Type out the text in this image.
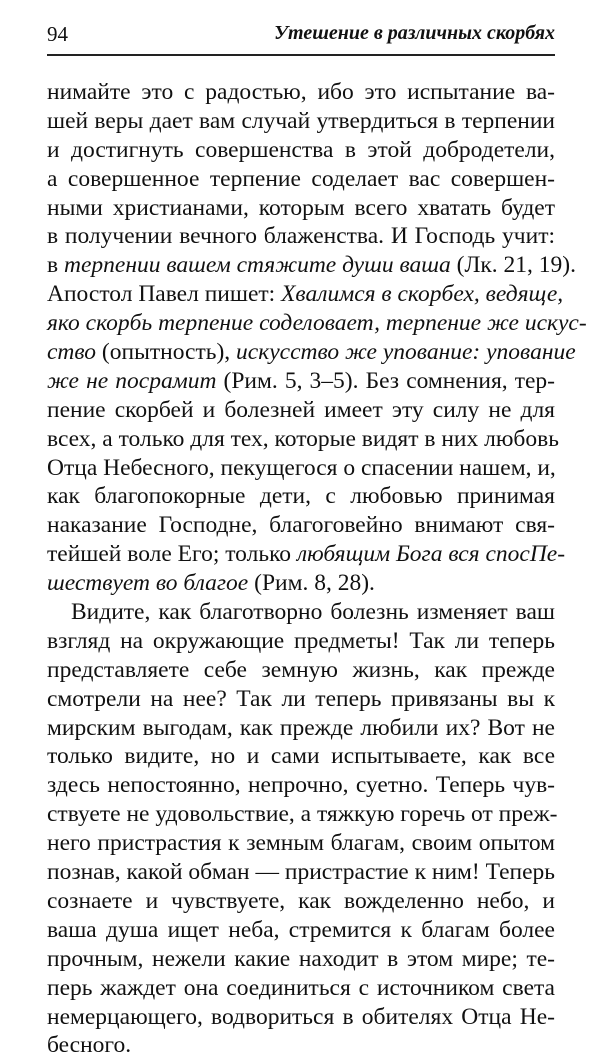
94	Утешение в различных скорбях
нимайте это с радостью, ибо это испытание ва-
шей веры дает вам случай утвердиться в терпении
и достигнуть совершенства в этой добродетели,
а совершенное терпение соделает вас совершен-
ными христианами, которым всего хватать будет
в получении вечного блаженства. И Господь учит:
в терпении вашем стяжите души ваша (Лк. 21, 19).
Апостол Павел пишет: Хвалимся в скорбех, ведяще,
яко скорбь терпение соделовает, терпение же искус-
ство (опытность), искусство же упование: упование
же не посрамит (Рим. 5, 3–5). Без сомнения, тер-
пение скорбей и болезней имеет эту силу не для
всех, а только для тех, которые видят в них любовь
Отца Небесного, пекущегося о спасении нашем, и,
как благопокорные дети, с любовью принимая
наказание Господне, благоговейно внимают свя-
тейшей воле Его; только любящим Бога вся спосПе-
шествует во благое (Рим. 8, 28).
Видите, как благотворно болезнь изменяет ваш
взгляд на окружающие предметы! Так ли теперь
представляете себе земную жизнь, как прежде
смотрели на нее? Так ли теперь привязаны вы к
мирским выгодам, как прежде любили их? Вот не
только видите, но и сами испытываете, как все
здесь непостоянно, непрочно, суетно. Теперь чув-
ствуете не удовольствие, а тяжкую горечь от преж-
него пристрастия к земным благам, своим опытом
познав, какой обман — пристрастие к ним! Теперь
сознаете и чувствуете, как вожделенно небо, и
ваша душа ищет неба, стремится к благам более
прочным, нежели какие находит в этом мире; те-
перь жаждет она соединиться с источником света
немерцающего, водвориться в обителях Отца Не-
бесного.
